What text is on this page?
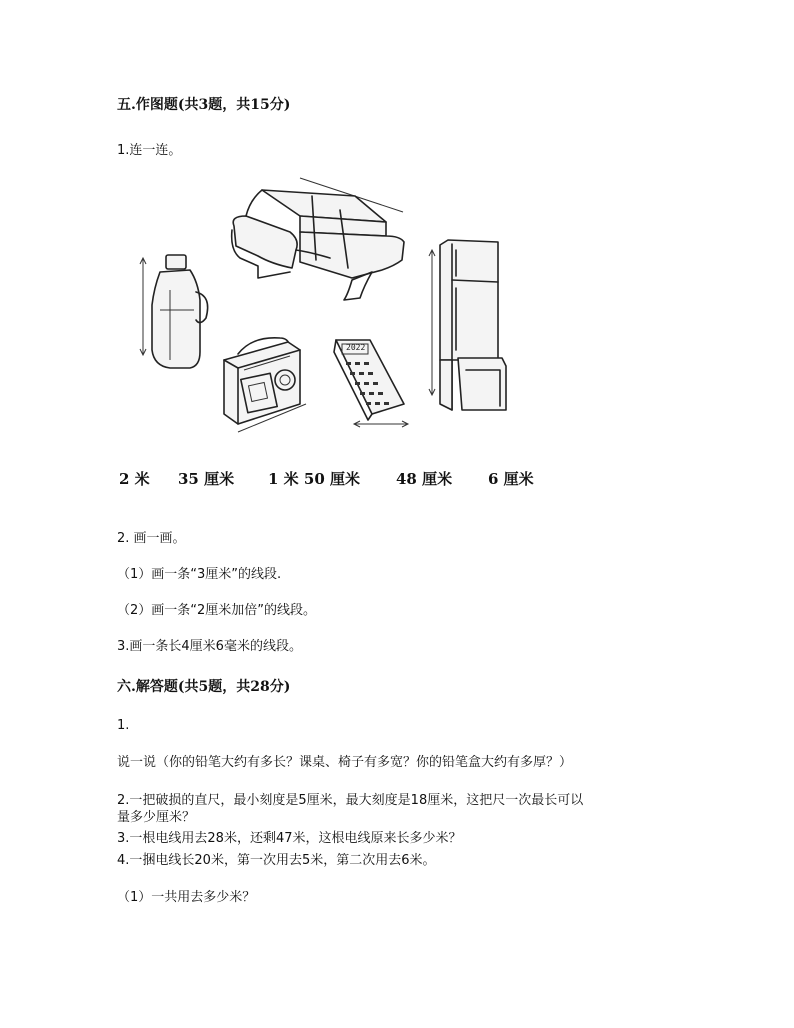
五.作图题(共3题，共15分)
1.连一连。
2 米 35 厘米 1 米 50 厘米 48 厘米 6 厘米
2. 画一画。
（1）画一条“3厘米”的线段.
（2）画一条“2厘米加倍”的线段。
3.画一条长4厘米6毫米的线段。
六.解答题(共5题，共28分)
1.
说一说（你的铅笔大约有多长？课桌、椅子有多宽？你的铅笔盒大约有多厚？）
2.一把破损的直尺，最小刻度是5厘米，最大刻度是18厘米，这把尺一次最长可以
量多少厘米？
3.一根电线用去28米，还剩47米，这根电线原来长多少米？
4.一捆电线长20米，第一次用去5米，第二次用去6米。
（1）一共用去多少米？
2022
